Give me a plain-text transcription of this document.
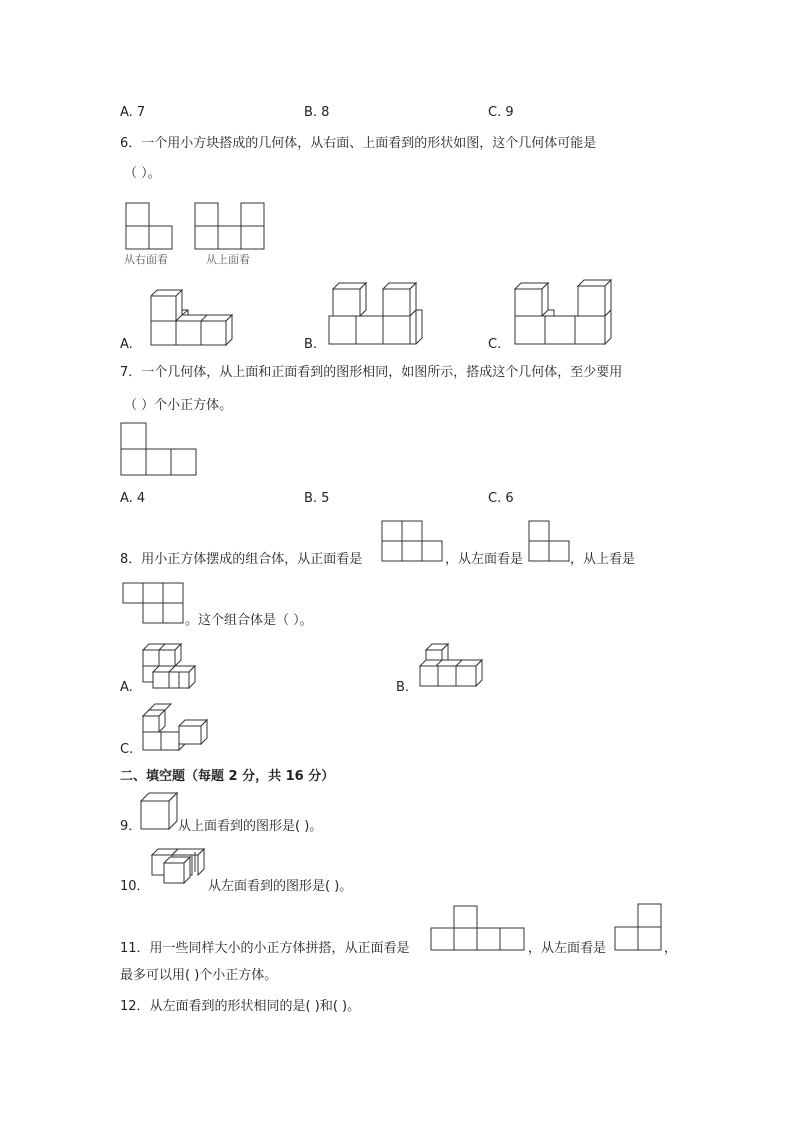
A. 7	B. 8	C. 9
6．一个用小方块搭成的几何体，从右面、上面看到的形状如图，这个几何体可能是
（ ）。
从右面看	从上面看
A.	B.	C.
7．一个几何体，从上面和正面看到的图形相同，如图所示，搭成这个几何体，至少要用
（ ）个小正方体。
A. 4	B. 5	C. 6
8．用小正方体摆成的组合体，从正面看是	，从左面看是	，从上看是
。这个组合体是（ ）。
A.	B.
C.
二、填空题（每题 2 分，共 16 分）
9．	从上面看到的图形是( )。
10．	从左面看到的图形是( )。
11．用一些同样大小的小正方体拼搭，从正面看是	，从左面看是	，
最多可以用( )个小正方体。
12．从左面看到的形状相同的是( )和( )。
